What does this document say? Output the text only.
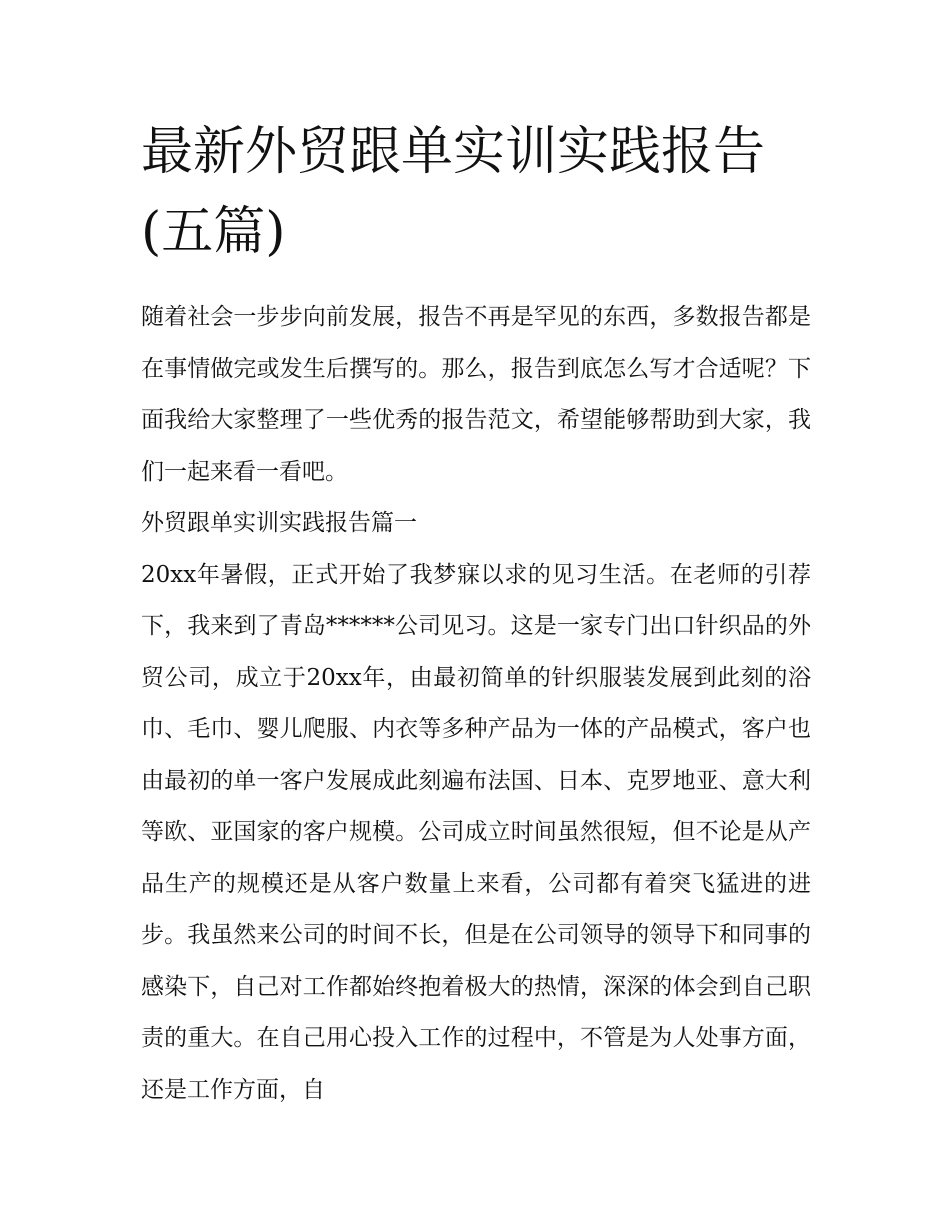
最新外贸跟单实训实践报告(五篇)

随着社会一步步向前发展，报告不再是罕见的东西，多数报告都是在事情做完或发生后撰写的。那么，报告到底怎么写才合适呢？下面我给大家整理了一些优秀的报告范文，希望能够帮助到大家，我们一起来看一看吧。

外贸跟单实训实践报告篇一

20xx年暑假，正式开始了我梦寐以求的见习生活。在老师的引荐下，我来到了青岛******公司见习。这是一家专门出口针织品的外贸公司，成立于20xx年，由最初简单的针织服装发展到此刻的浴巾、毛巾、婴儿爬服、内衣等多种产品为一体的产品模式，客户也由最初的单一客户发展成此刻遍布法国、日本、克罗地亚、意大利等欧、亚国家的客户规模。公司成立时间虽然很短，但不论是从产品生产的规模还是从客户数量上来看，公司都有着突飞猛进的进步。我虽然来公司的时间不长，但是在公司领导的领导下和同事的感染下，自己对工作都始终抱着极大的热情，深深的体会到自己职责的重大。在自己用心投入工作的过程中，不管是为人处事方面，还是工作方面，自
